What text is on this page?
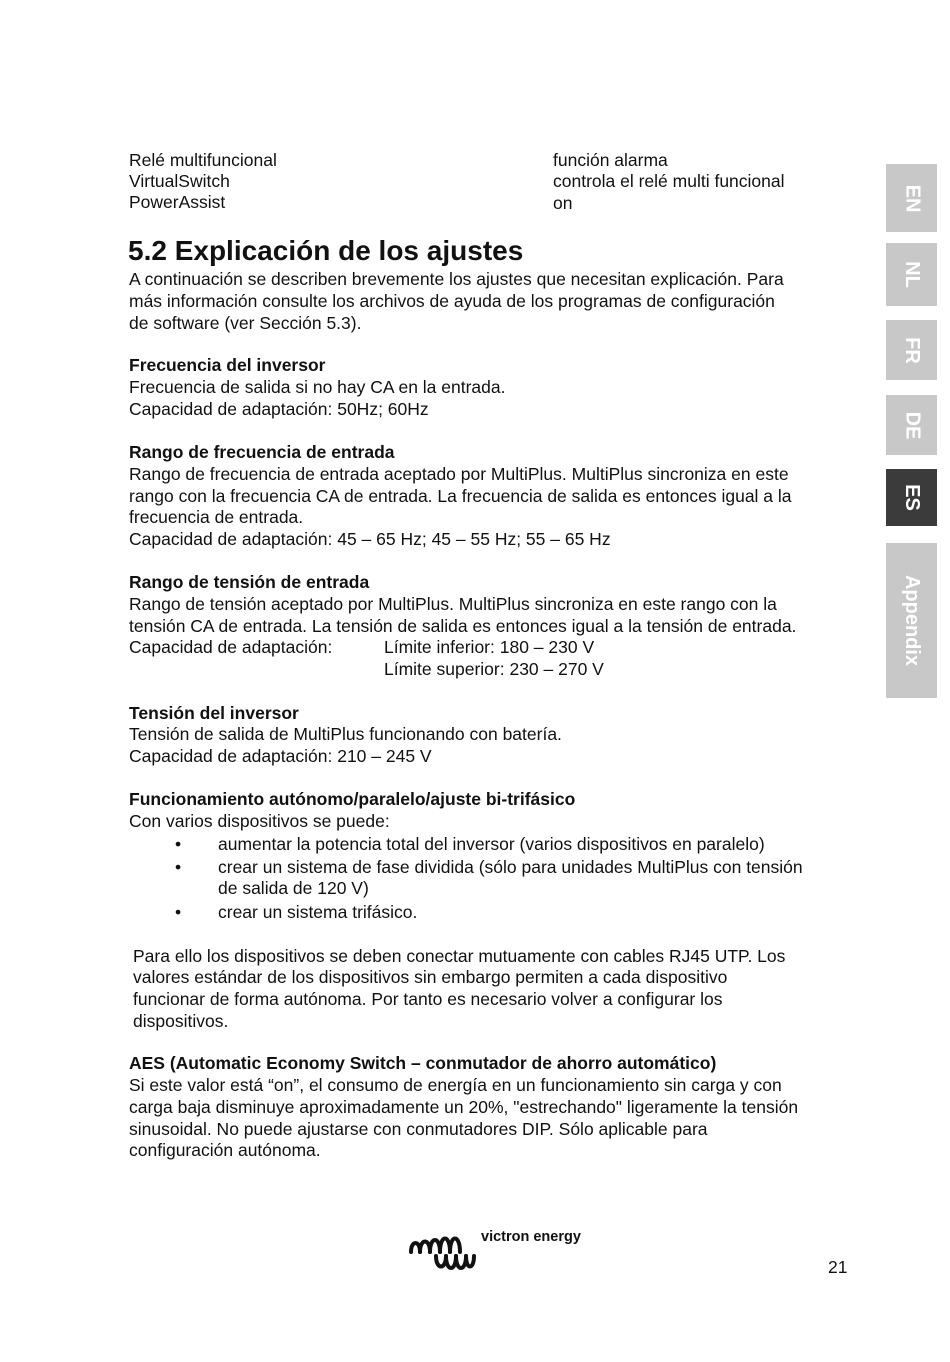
Relé multifuncional	función alarma
VirtualSwitch	controla el relé multi funcional
PowerAssist	on
5.2 Explicación de los ajustes
A continuación se describen brevemente los ajustes que necesitan explicación. Para
más información consulte los archivos de ayuda de los programas de configuración
de software (ver Sección 5.3).
Frecuencia del inversor
Frecuencia de salida si no hay CA en la entrada.
Capacidad de adaptación: 50Hz; 60Hz
Rango de frecuencia de entrada
Rango de frecuencia de entrada aceptado por MultiPlus. MultiPlus sincroniza en este
rango con la frecuencia CA de entrada. La frecuencia de salida es entonces igual a la
frecuencia de entrada.
Capacidad de adaptación: 45 – 65 Hz; 45 – 55 Hz; 55 – 65 Hz
Rango de tensión de entrada
Rango de tensión aceptado por MultiPlus. MultiPlus sincroniza en este rango con la
tensión CA de entrada. La tensión de salida es entonces igual a la tensión de entrada.
Capacidad de adaptación:	Límite inferior: 180 – 230 V
Límite superior: 230 – 270 V
Tensión del inversor
Tensión de salida de MultiPlus funcionando con batería.
Capacidad de adaptación: 210 – 245 V
Funcionamiento autónomo/paralelo/ajuste bi-trifásico
Con varios dispositivos se puede:
• aumentar la potencia total del inversor (varios dispositivos en paralelo)
• crear un sistema de fase dividida (sólo para unidades MultiPlus con tensión
de salida de 120 V)
• crear un sistema trifásico.
Para ello los dispositivos se deben conectar mutuamente con cables RJ45 UTP. Los
valores estándar de los dispositivos sin embargo permiten a cada dispositivo
funcionar de forma autónoma. Por tanto es necesario volver a configurar los
dispositivos.
AES (Automatic Economy Switch – conmutador de ahorro automático)
Si este valor está “on”, el consumo de energía en un funcionamiento sin carga y con
carga baja disminuye aproximadamente un 20%, "estrechando" ligeramente la tensión
sinusoidal. No puede ajustarse con conmutadores DIP. Sólo aplicable para
configuración autónoma.
EN
NL
FR
DE
ES
Appendix
victron energy
21
